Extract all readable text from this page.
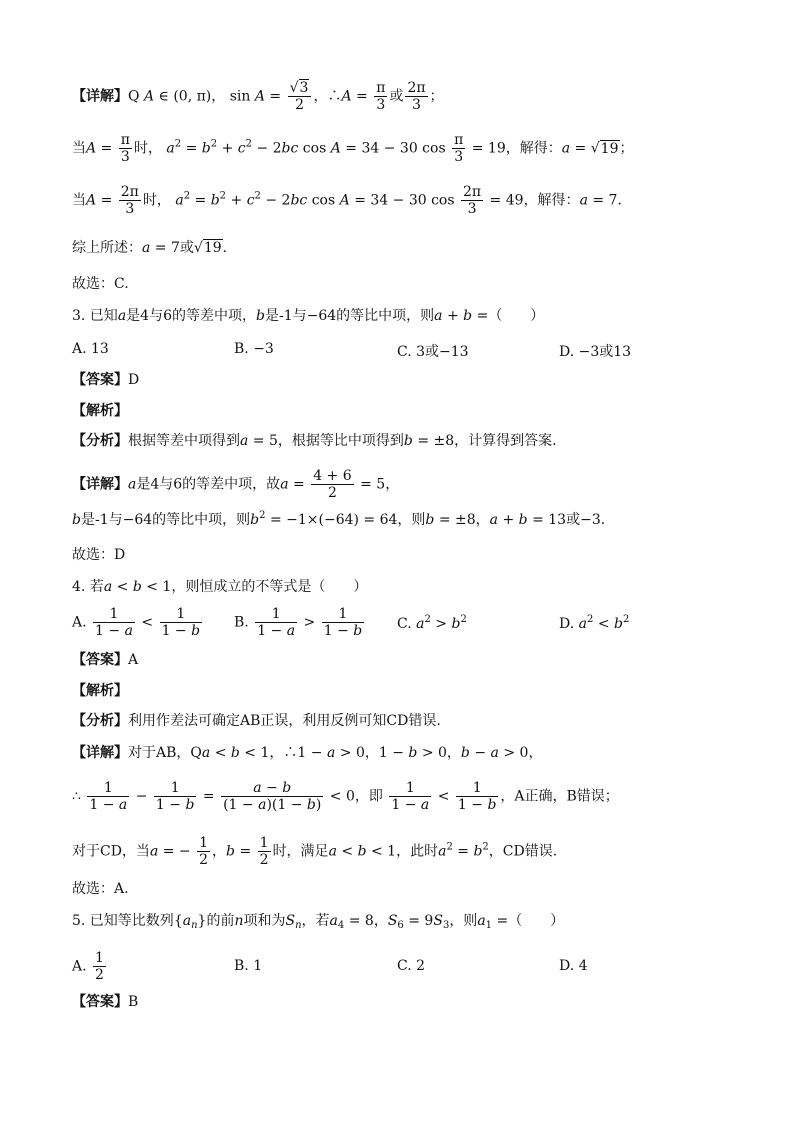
【详解】Q A ∈ (0, π)， $\sin A = \frac{√3}{2}$ ，∴A = $\frac{\pi}{3}$ 或 $\frac{2\pi}{3}$ ；
当$A = \frac{\pi}{3}$ 时， $a^2 = b^2 + c^2 - 2bc$ cos A = 34 − 30 $\cos \frac{\pi}{3} = 19$，解得：a = √19；
当$A = \frac{2\pi}{3}$ 时， $a^2 = b^2 + c^2 - 2bc$ cos A = 34 − 30 $\cos \frac{2\pi}{3} = 49$，解得：a = 7．
综上所述：a = 7或√19.
故选：C.
3. 已知a是4与6的等差中项，b是-1与−64的等比中项，则a + b =（　　）
A. 13	B. −3	C. 3或−13	D. −3或13
【答案】D
【解析】
【分析】根据等差中项得到a = 5，根据等比中项得到b = ±8，计算得到答案.
【详解】a是4与6的等差中项，故$a = \frac{4 + 6}{2} = 5$，
b是-1与−64的等比中项，则$b^2 = -1\times(-64) = 64$，则b = ±8，a + b = 13或−3．
故选：D
4. 若a < b < 1，则恒成立的不等式是（　　）
A. $\frac{1}{1 - a} < \frac{1}{1 - b} B$. $\frac{1}{1 - a} > \frac{1}{1 - b} C$. $a^2 > b^2$	D. $a^2 < b^2$
【答案】A
【解析】
【分析】利用作差法可确定AB正误，利用反例可知CD错误.
【详解】对于AB，Qa < b < 1，∴1 − a > 0，1 − b > 0，b − a > 0，
∴ $\frac{1}{1 - a} - \frac{1}{1 - b} = \frac{a - b}{(1 - a)(1 - b)} < 0$，即 $\frac{1}{1 - a} < \frac{1}{1 - b}$ ，A正确，B错误；
对于CD，当a = − $\frac{1}{2}$ ，$b = \frac{1}{2}$ 时，满足a < b < 1，此时$a^2 = b^2$，CD错误.
故选：A.
5. 已知等比数列$\{a_n\}$的前n项和为$S_n$，若$a_4 = 8$，$S_6 = 9S_3$，则$a_1$ =（　　）
A. $\frac{1}{2}$	B. 1	C. 2	D. 4
【答案】B
